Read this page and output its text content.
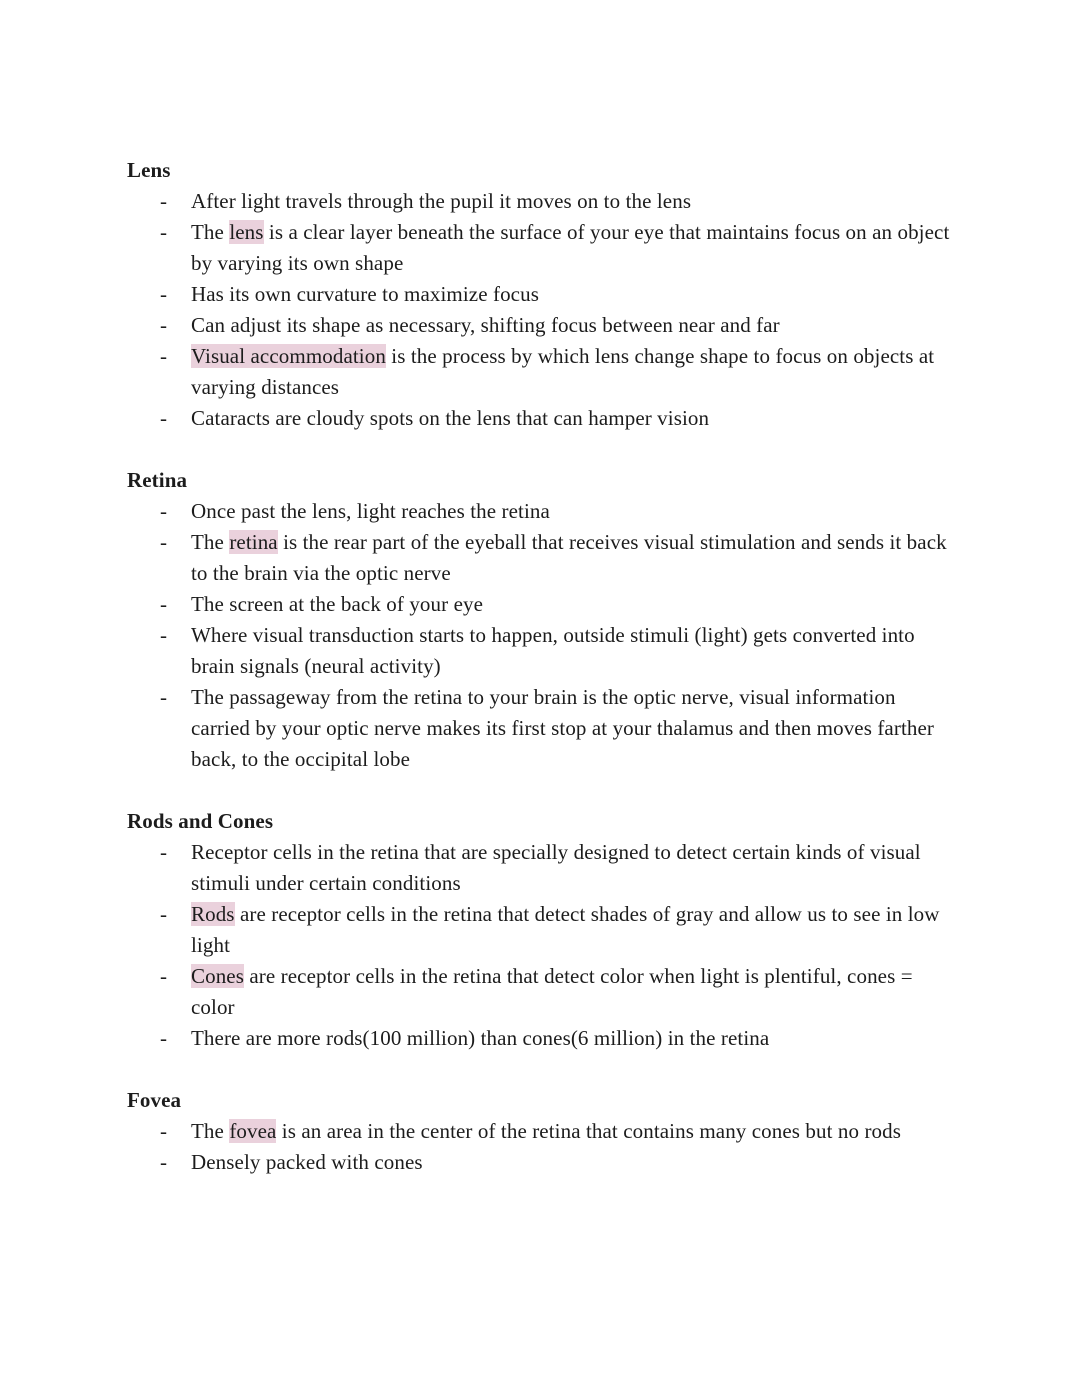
Lens
-	After light travels through the pupil it moves on to the lens
-	The lens is a clear layer beneath the surface of your eye that maintains focus on an object by varying its own shape
-	Has its own curvature to maximize focus
-	Can adjust its shape as necessary, shifting focus between near and far
-	Visual accommodation is the process by which lens change shape to focus on objects at varying distances
-	Cataracts are cloudy spots on the lens that can hamper vision
Retina
-	Once past the lens, light reaches the retina
-	The retina is the rear part of the eyeball that receives visual stimulation and sends it back to the brain via the optic nerve
-	The screen at the back of your eye
-	Where visual transduction starts to happen, outside stimuli (light) gets converted into brain signals (neural activity)
-	The passageway from the retina to your brain is the optic nerve, visual information carried by your optic nerve makes its first stop at your thalamus and then moves farther back, to the occipital lobe
Rods and Cones
-	Receptor cells in the retina that are specially designed to detect certain kinds of visual stimuli under certain conditions
-	Rods are receptor cells in the retina that detect shades of gray and allow us to see in low light
-	Cones are receptor cells in the retina that detect color when light is plentiful, cones = color
-	There are more rods(100 million) than cones(6 million) in the retina
Fovea
-	The fovea is an area in the center of the retina that contains many cones but no rods
-	Densely packed with cones
